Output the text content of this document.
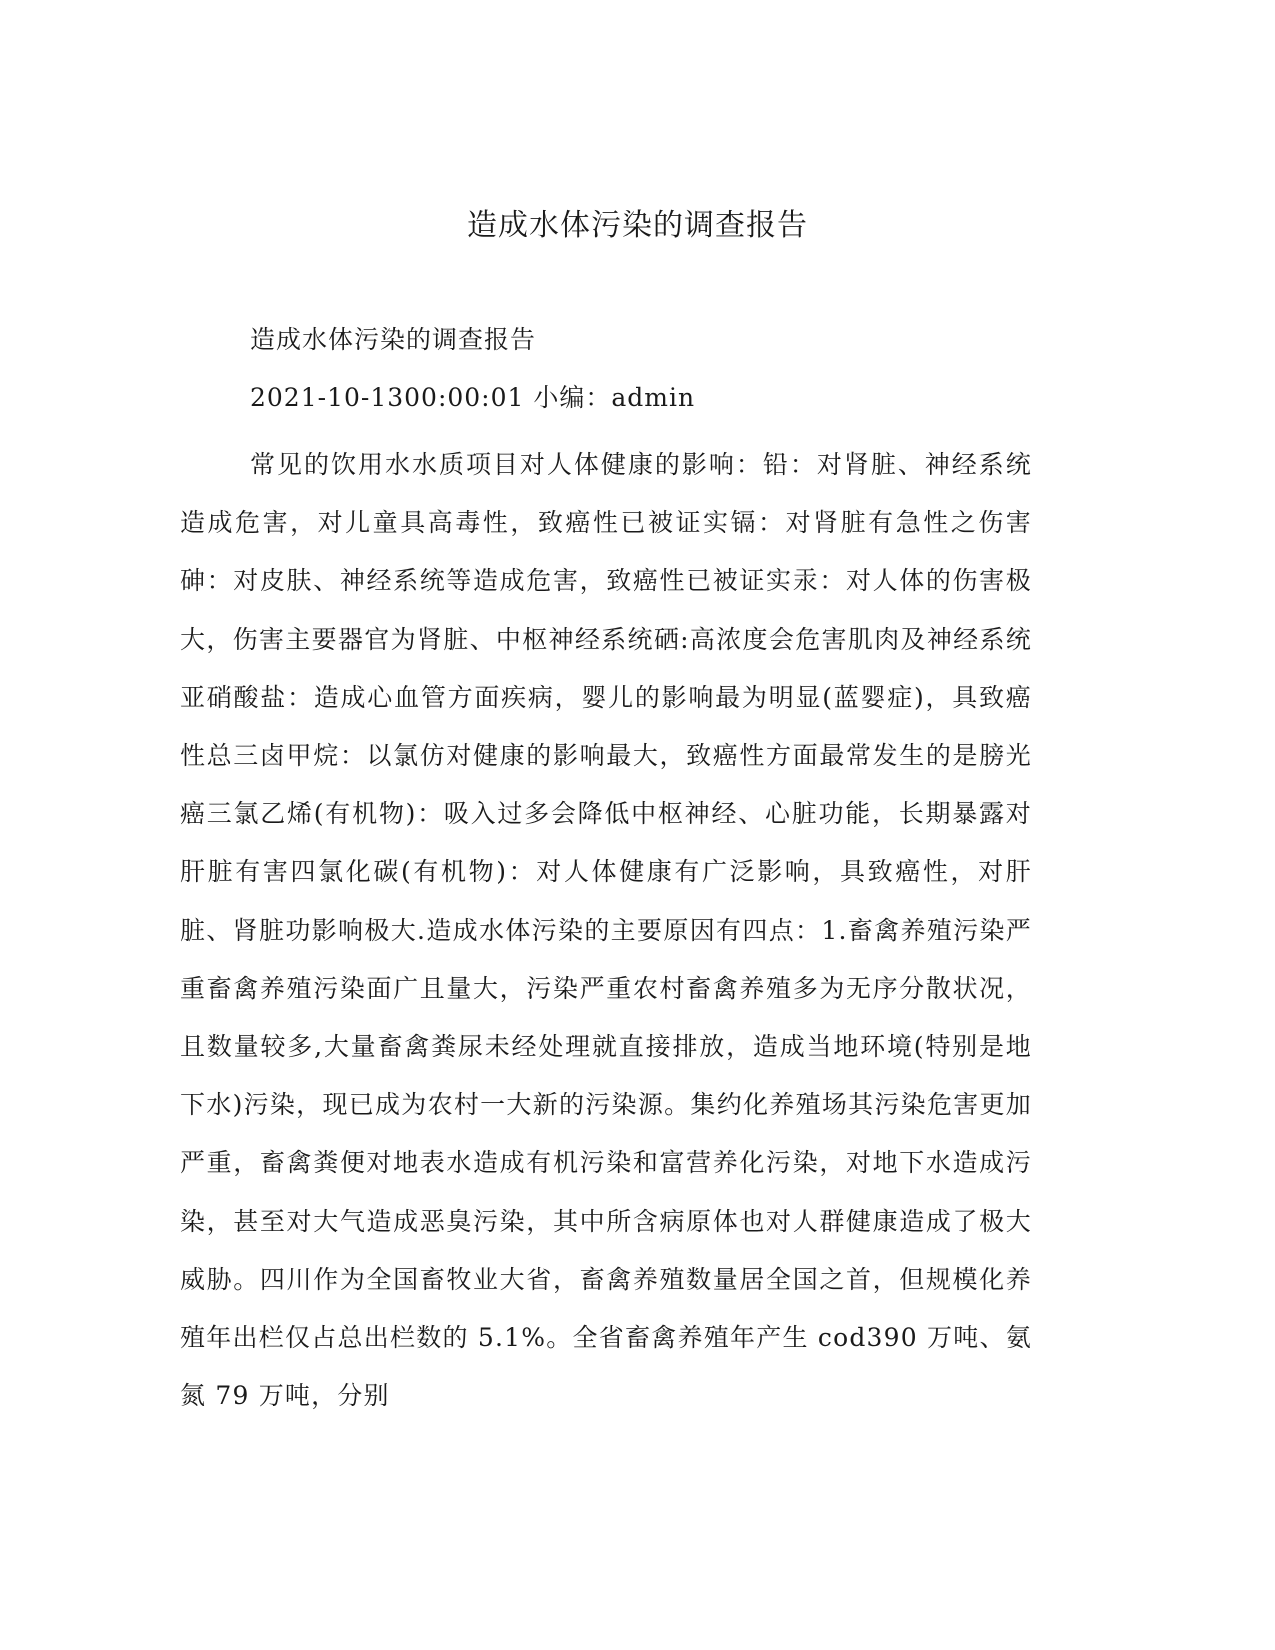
造成水体污染的调查报告

造成水体污染的调查报告

2021-10-1300:00:01 小编：admin

常见的饮用水水质项目对人体健康的影响：铅：对肾脏、神经系统造成危害，对儿童具高毒性，致癌性已被证实镉：对肾脏有急性之伤害砷：对皮肤、神经系统等造成危害，致癌性已被证实汞：对人体的伤害极大，伤害主要器官为肾脏、中枢神经系统硒:高浓度会危害肌肉及神经系统亚硝酸盐：造成心血管方面疾病，婴儿的影响最为明显(蓝婴症)，具致癌性总三卤甲烷：以氯仿对健康的影响最大，致癌性方面最常发生的是膀光癌三氯乙烯(有机物)：吸入过多会降低中枢神经、心脏功能，长期暴露对肝脏有害四氯化碳(有机物)：对人体健康有广泛影响，具致癌性，对肝脏、肾脏功影响极大.造成水体污染的主要原因有四点：1.畜禽养殖污染严重畜禽养殖污染面广且量大，污染严重农村畜禽养殖多为无序分散状况，且数量较多,大量畜禽粪尿未经处理就直接排放，造成当地环境(特别是地下水)污染，现已成为农村一大新的污染源。集约化养殖场其污染危害更加严重，畜禽粪便对地表水造成有机污染和富营养化污染，对地下水造成污染，甚至对大气造成恶臭污染，其中所含病原体也对人群健康造成了极大威胁。四川作为全国畜牧业大省，畜禽养殖数量居全国之首，但规模化养殖年出栏仅占总出栏数的 5.1%。全省畜禽养殖年产生 cod390 万吨、氨氮 79 万吨，分别
